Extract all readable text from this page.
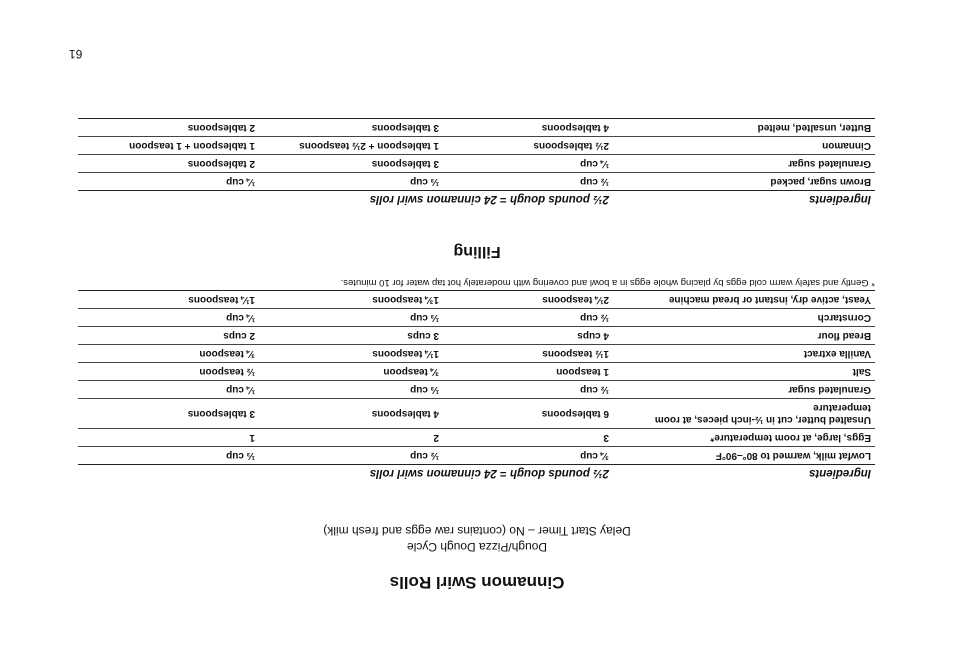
61
Cinnamon Swirl Rolls
Dough/Pizza Dough Cycle
Delay Start Timer – No (contains raw eggs and fresh milk)
Ingredients	2½ pounds dough = 24 cinnamon swirl rolls		
Lowfat milk, warmed to 80°–90°F	¾ cup	½ cup	⅓ cup
Eggs, large, at room temperature*	3	2	1
Unsalted butter, cut in ½-inch pieces, at room temperature	6 tablespoons	4 tablespoons	3 tablespoons
Granulated sugar	½ cup	⅓ cup	¼ cup
Salt	1 teaspoon	¾ teaspoon	½ teaspoon
Vanilla extract	1½ teaspoons	1¼ teaspoons	¾ teaspoon
Bread flour	4 cups	3 cups	2 cups
Cornstarch	½ cup	⅓ cup	¼ cup
Yeast, active dry, instant or bread machine	2¼ teaspoons	1¾ teaspoons	1¼ teaspoons
* Gently and safely warm cold eggs by placing whole eggs in a bowl and covering with moderately hot tap water for 10 minutes.
Filling
Ingredients	2½ pounds dough = 24 cinnamon swirl rolls		
Brown sugar, packed	½ cup	⅓ cup	¼ cup
Granulated sugar	¼ cup	3 tablespoons	2 tablespoons
Cinnamon	2½ tablespoons	1 tablespoon + 2½ teaspoons	1 tablespoon + 1 teaspoon
Butter, unsalted, melted	4 tablespoons	3 tablespoons	2 tablespoons
